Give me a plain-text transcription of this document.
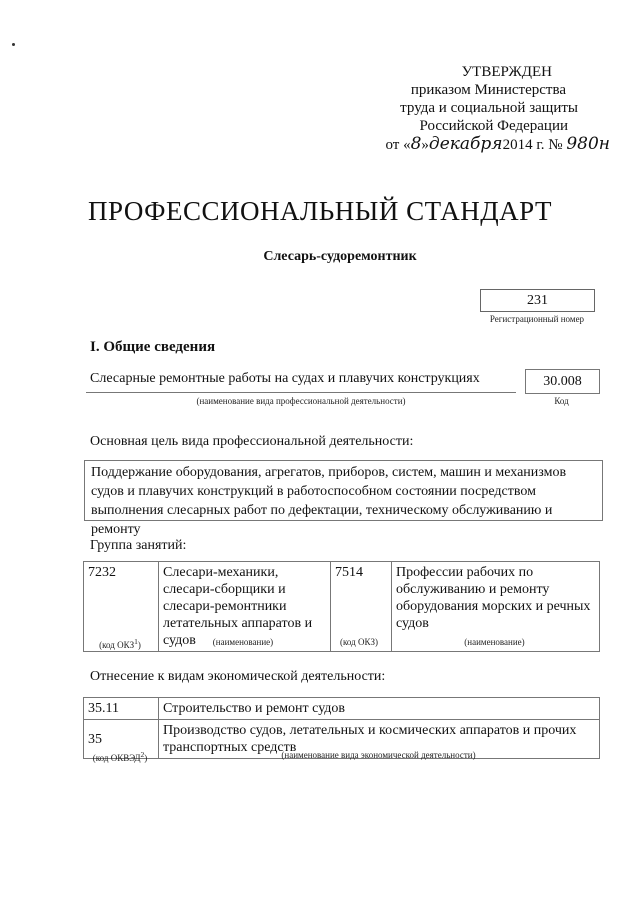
УТВЕРЖДЕН
приказом Министерства
труда и социальной защиты
Российской Федерации
от «8»декабря2014 г. № 980н
ПРОФЕССИОНАЛЬНЫЙ СТАНДАРТ
Слесарь-судоремонтник
231
Регистрационный номер
I. Общие сведения
Слесарные ремонтные работы на судах и плавучих конструкциях
(наименование вида профессиональной деятельности)
30.008
Код
Основная цель вида профессиональной деятельности:
Поддержание оборудования, агрегатов, приборов, систем, машин и механизмов судов и плавучих конструкций в работоспособном состоянии посредством выполнения слесарных работ по дефектации, техническому обслуживанию и ремонту
Группа занятий:
7232	Слесари-механики, слесари-сборщики и слесари-ремонтники летательных аппаратов и судов	7514	Профессии рабочих по обслуживанию и ремонту оборудования морских и речных судов
(код ОКЗ$^1$)	(наименование)	(код ОКЗ)	(наименование)
Отнесение к видам экономической деятельности:
35.11	Строительство и ремонт судов
35	Производство судов, летательных и космических аппаратов и прочих транспортных средств
(код ОКВЭД$^2$)	(наименование вида экономической деятельности)
